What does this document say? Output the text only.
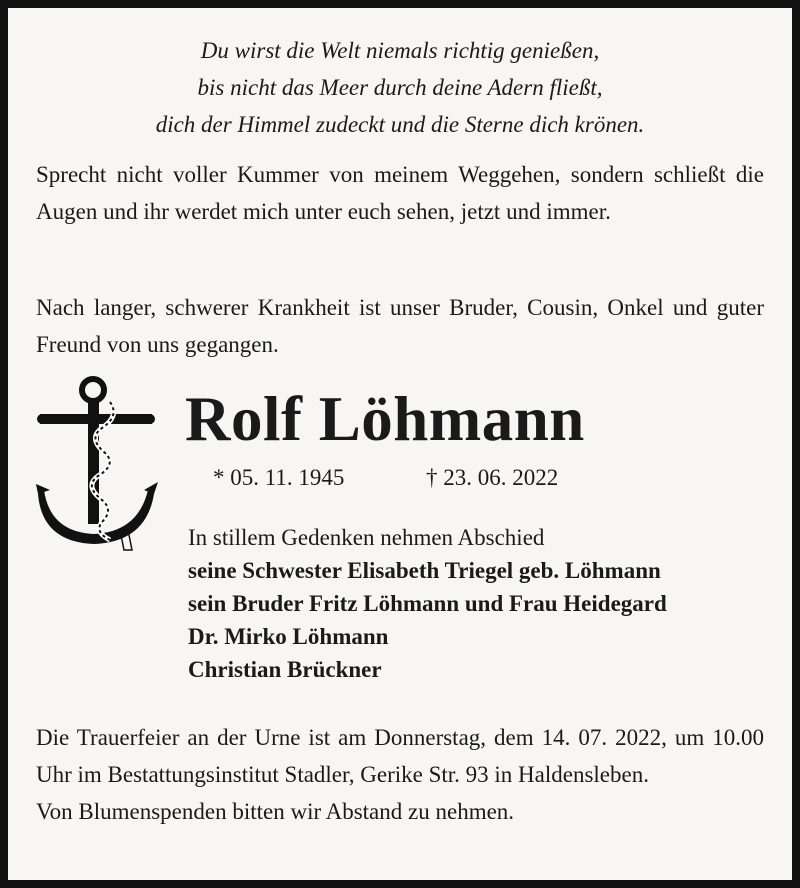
Du wirst die Welt niemals richtig genießen,
bis nicht das Meer durch deine Adern fließt,
dich der Himmel zudeckt und die Sterne dich krönen.
Sprecht nicht voller Kummer von meinem Weggehen, sondern schließt die Augen und ihr werdet mich unter euch sehen, jetzt und immer.
Nach langer, schwerer Krankheit ist unser Bruder, Cousin, Onkel und guter Freund von uns gegangen.
Rolf Löhmann
* 05. 11. 1945	† 23. 06. 2022
In stillem Gedenken nehmen Abschied
seine Schwester Elisabeth Triegel geb. Löhmann
sein Bruder Fritz Löhmann und Frau Heidegard
Dr. Mirko Löhmann
Christian Brückner
Die Trauerfeier an der Urne ist am Donnerstag, dem 14. 07. 2022, um 10.00 Uhr im Bestattungsinstitut Stadler, Gerike Str. 93 in Haldensleben.
Von Blumenspenden bitten wir Abstand zu nehmen.
